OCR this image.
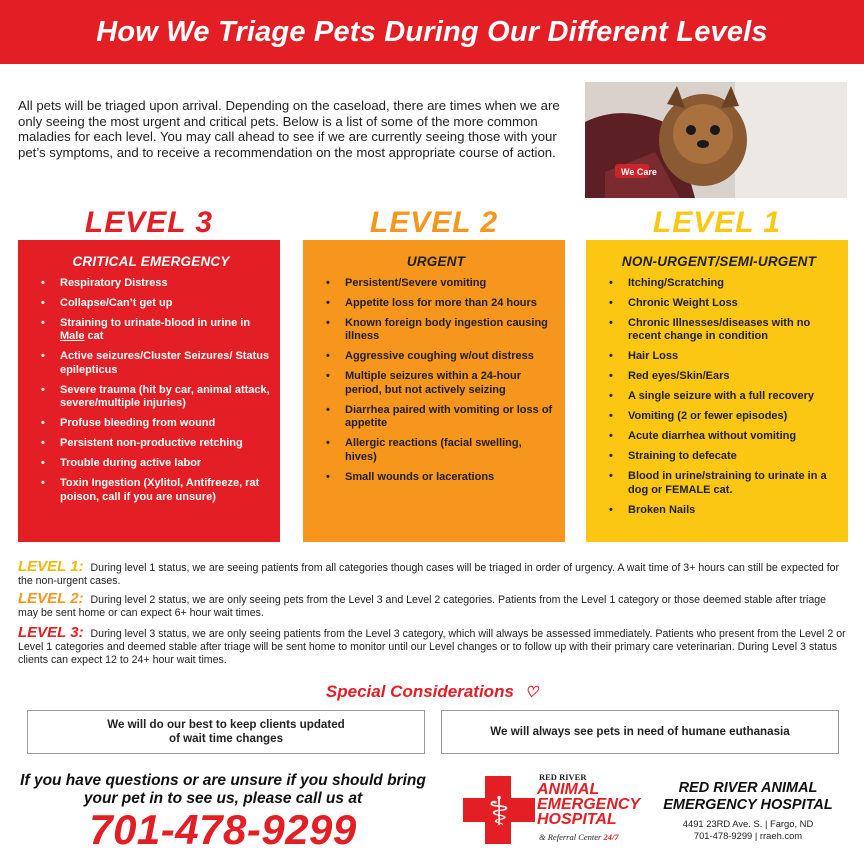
How We Triage Pets During Our Different Levels

All pets will be triaged upon arrival. Depending on the caseload, there are times when we are only seeing the most urgent and critical pets. Below is a list of some of the more common maladies for each level. You may call ahead to see if we are currently seeing those with your pet’s symptoms, and to receive a recommendation on the most appropriate course of action.

We Care
LEVEL 3	LEVEL 2	LEVEL 1
CRITICAL EMERGENCY
• Respiratory Distress
• Collapse/Can’t get up
• Straining to urinate-blood in urine in Male cat
• Active seizures/Cluster Seizures/ Status epilepticus
• Severe trauma (hit by car, animal attack, severe/multiple injuries)
• Profuse bleeding from wound
• Persistent non-productive retching
• Trouble during active labor
• Toxin Ingestion (Xylitol, Antifreeze, rat poison, call if you are unsure)
URGENT
• Persistent/Severe vomiting
• Appetite loss for more than 24 hours
• Known foreign body ingestion causing illness
• Aggressive coughing w/out distress
• Multiple seizures within a 24-hour period, but not actively seizing
• Diarrhea paired with vomiting or loss of appetite
• Allergic reactions (facial swelling, hives)
• Small wounds or lacerations
NON-URGENT/SEMI-URGENT
• Itching/Scratching
• Chronic Weight Loss
• Chronic Illnesses/diseases with no recent change in condition
• Hair Loss
• Red eyes/Skin/Ears
• A single seizure with a full recovery
• Vomiting (2 or fewer episodes)
• Acute diarrhea without vomiting
• Straining to defecate
• Blood in urine/straining to urinate in a dog or FEMALE cat.
• Broken Nails

LEVEL 1: During level 1 status, we are seeing patients from all categories though cases will be triaged in order of urgency. A wait time of 3+ hours can still be expected for the non-urgent cases.

LEVEL 2: During level 2 status, we are only seeing pets from the Level 3 and Level 2 categories. Patients from the Level 1 category or those deemed stable after triage may be sent home or can expect 6+ hour wait times.

LEVEL 3: During level 3 status, we are only seeing patients from the Level 3 category, which will always be assessed immediately. Patients who present from the Level 2 or Level 1 categories and deemed stable after triage will be sent home to monitor until our Level changes or to follow up with their primary care veterinarian. During Level 3 status clients can expect 12 to 24+ hour wait times.

Special Considerations ♡
We will do our best to keep clients updated of wait time changes
We will always see pets in need of humane euthanasia

If you have questions or are unsure if you should bring your pet in to see us, please call us at

701-478-9299	⚕
RED RIVER
ANIMAL
EMERGENCY
HOSPITAL
& Referral Center 24/7
RED RIVER ANIMAL EMERGENCY HOSPITAL
4491 23RD Ave. S. | Fargo, ND
701-478-9299 | rraeh.com
